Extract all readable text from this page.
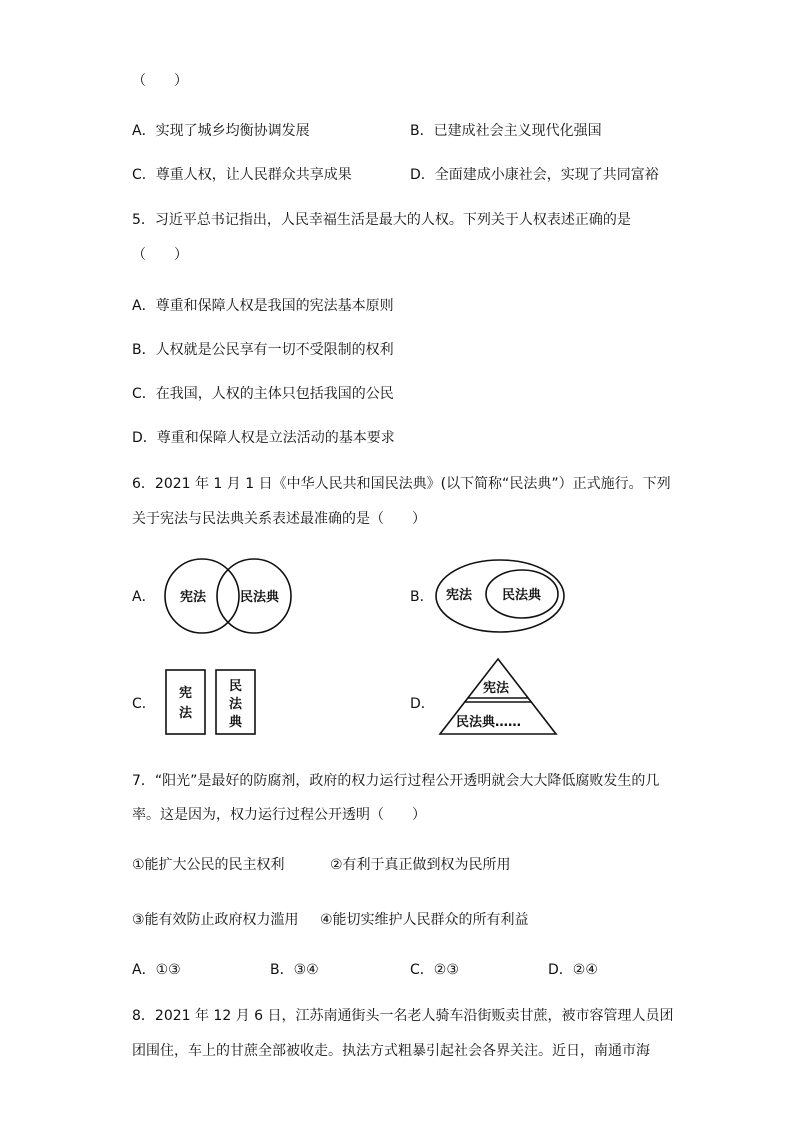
（　　）
A．实现了城乡均衡协调发展	B．已建成社会主义现代化强国
C．尊重人权，让人民群众共享成果	D．全面建成小康社会，实现了共同富裕
5．习近平总书记指出，人民幸福生活是最大的人权。下列关于人权表述正确的是
（　　）
A．尊重和保障人权是我国的宪法基本原则
B．人权就是公民享有一切不受限制的权利
C．在我国，人权的主体只包括我国的公民
D．尊重和保障人权是立法活动的基本要求
6．2021 年 1 月 1 日《中华人民共和国民法典》(以下简称“民法典”）正式施行。下列
关于宪法与民法典关系表述最准确的是（　　）
A． 宪法	民法典	B． 宪法 民法典
C．
宪
法
民
法
典
D．
宪法
民法典……
7．“阳光”是最好的防腐剂，政府的权力运行过程公开透明就会大大降低腐败发生的几
率。这是因为，权力运行过程公开透明（　　）
①能扩大公民的民主权利	②有利于真正做到权为民所用
③能有效防止政府权力滥用 ④能切实维护人民群众的所有利益
A．①③	B．③④	C．②③	D．②④
8．2021 年 12 月 6 日，江苏南通街头一名老人骑车沿街贩卖甘蔗，被市容管理人员团
团围住，车上的甘蔗全部被收走。执法方式粗暴引起社会各界关注。近日，南通市海
